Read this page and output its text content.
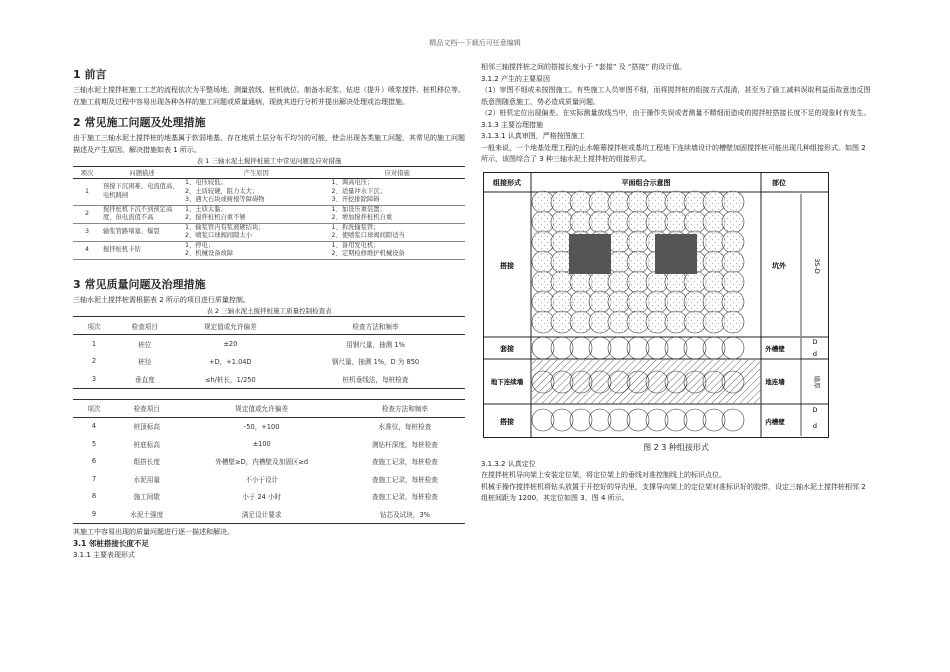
精品文档---下载后可任意编辑
1 前言

三轴水泥土搅拌桩施工工艺的流程依次为平整场地、测量放线、桩机就位、制备水泥浆、钻进（提升）喷浆搅拌、桩机移位等。在施工前期及过程中容易出现各种各样的施工问题或质量通病，现就其进行分析并提出解决处理或治理措施。

2 常见施工问题及处理措施

由于施工三轴水泥土搅拌桩的地基属于软弱地基，存在地质土层分布不均匀的可能，使会出现各类施工问题，其常见的施工问题描述及产生原因、解决措施如表 1 所示。

表 1 三轴水泥土搅拌桩施工中常见问题及应对措施
项次	问题描述	产生原因	应对措施
1	预搅下沉困难、电流值高、电机跳闸	1、电压较低；
2、土质较硬，阻力太大；
3、遇大石块或树根等障碍物	1、调高电压；
2、适量冲水下沉；
3、开挖排除障碍
2	搅拌桩机下沉不到预定高度，但电流值不高	1、土质太黏；
2、搅拌桩机自重不够	1、加设压重装置；
2、增加搅拌桩机自重
3	输浆管路堵塞、爆裂	1、输浆管内有浆液硬结块；
2、喷浆口球阀间隙太小	1、拆洗输浆管；
2、使喷浆口球阀间隙适当
4	搅拌桩机卡钻	1、停电；
2、机械设备故障	1、备用发电机；
2、定期检修维护机械设备
3 常见质量问题及治理措施

三轴水泥土搅拌桩需根据表 2 所示的项目进行质量控制。

表 2 三轴水泥土搅拌桩施工质量控制检查表
项次	检查项目	规定值或允许偏差	检查方法和频率
1	桩位	±20	用钢尺量，抽测 1%
2	桩径	+D，+1.04D	钢尺量，抽测 1%，D 为 850
3	垂直度	≤h/桩长，1/250	桩机垂线法，每桩检查
项次	检查项目	规定值或允许偏差	检查方法和频率
4	桩顶标高	-50，+100	水准仪，每桩检查
5	桩底标高	±100	测钻杆深度，每桩检查
6	组搭长度	外槽壁≥D，内槽壁及加固区≥d	查施工记录，每桩检查
7	水泥用量	不小于设计	查施工记录，每桩检查
8	施工间歇	小于 24 小时	查施工记录，每桩检查
9	水泥土强度	满足设计要求	钻芯及试块，3%

其施工中容易出现的质量问题进行逐一描述和解决。

3.1 邻桩搭接长度不足
3.1.1 主要表现形式

相邻三轴搅拌桩之间的搭接长度小于 “套接” 及 “搭接” 的设计值。

3.1.2 产生的主要原因

（1）审图不细或未按图施工。有些施工人员审图不细，而将搅拌桩的组接方式混淆，甚至为了偷工减料误取利益而故意违反图纸意图随意施工，势必造成质量问题。

（2）桩机定位出现偏差。在实际测量放线当中，由于操作失误或者测量不精细而造成的搅拌桩搭接长度不足的现象时有发生。

3.1.3 主要治理措施
3.1.3.1 认真审图，严格按图施工

一般来说，一个地基处理工程的止水帷幕搅拌桩或基坑工程地下连续墙设计的槽壁加固搅拌桩可能出现几种组接形式。如图 2 所示，该图综合了 3 种三轴水泥土搅拌桩的组接形式。

组接形式	平面组合示意图	部位
搭接	坑外
套接	外槽壁
地下连续墙	地连墙
搭接	内槽壁
3S-D
D
d
墙厚
D
d
图 2 3 种组接形式
3.1.3.2 认真定位

在搅拌桩机导向架上安装定位架，将定位架上的垂线对准控制线上的标识点位。

机械手操作搅拌桩机将钻头放置于开挖好的导沟里，支撑导向架上的定位架对准标识好的胶带，设定三轴水泥土搅拌桩相邻 2 组桩间距为 1200，其定位如图 3、图 4 所示。
